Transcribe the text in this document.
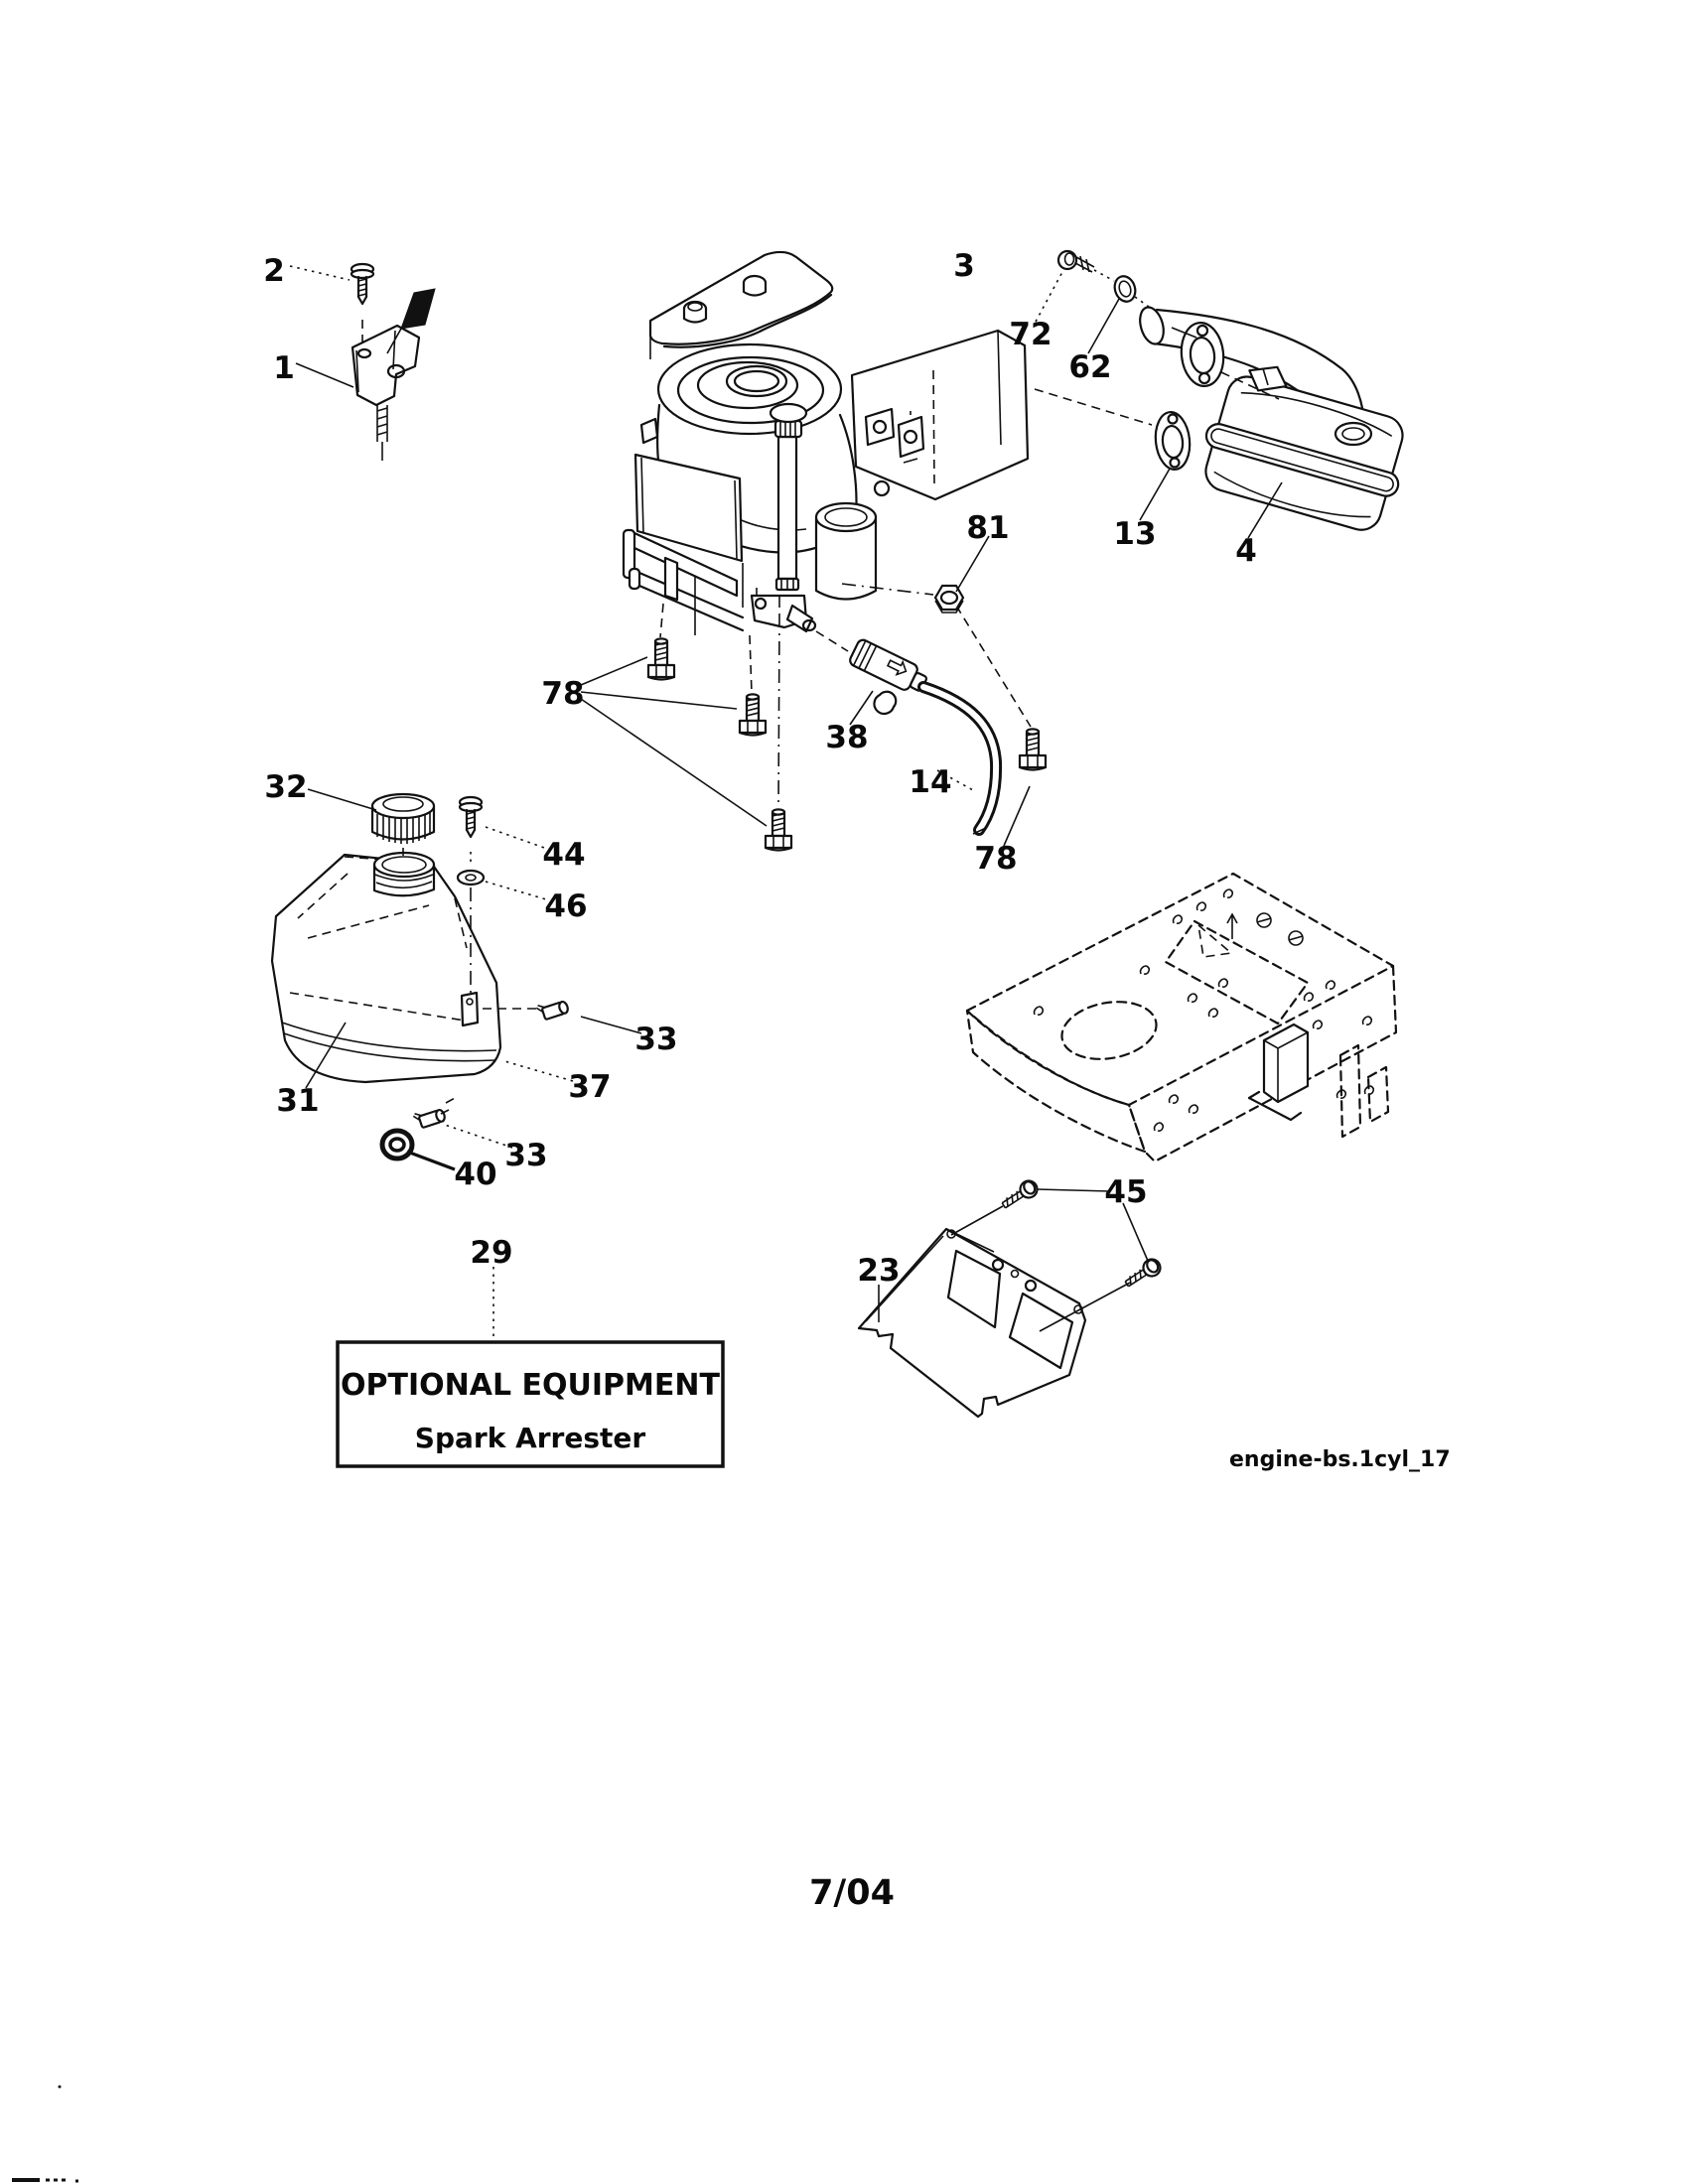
2
1
3
72
62
13	4
81
78
38
14
78
32
44
46
33
37
31
33
40
29	23
45
OPTIONAL EQUIPMENT
Spark Arrester
engine-bs.1cyl_17
7/04
